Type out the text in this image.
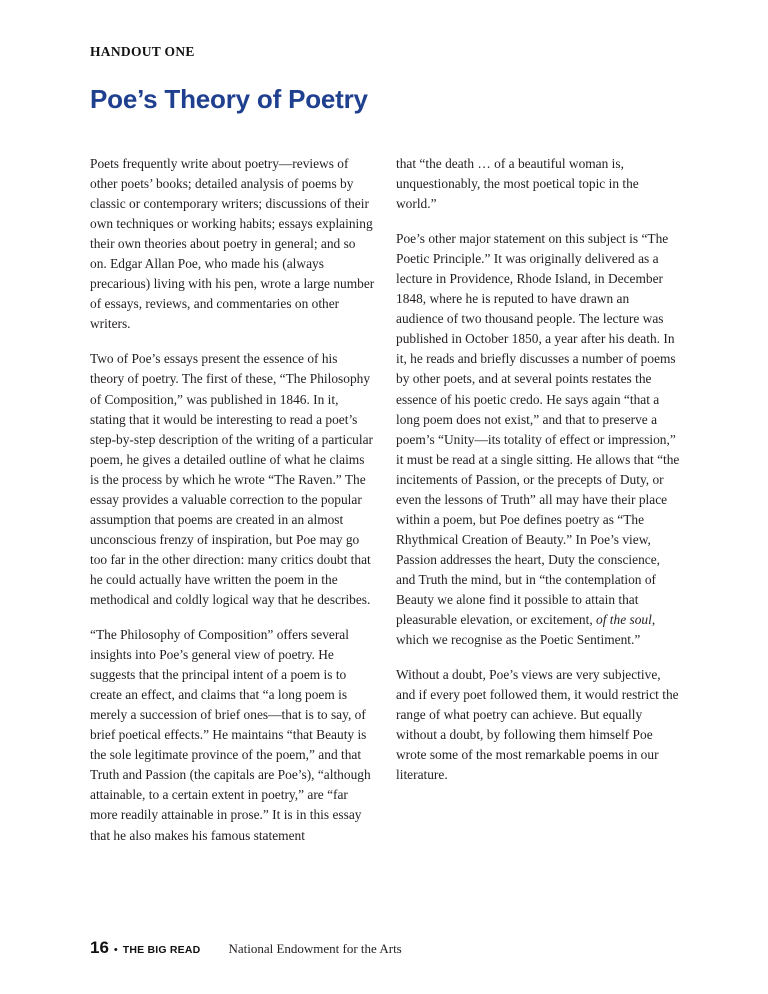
HANDOUT ONE
Poe’s Theory of Poetry

Poets frequently write about poetry—reviews of other poets’ books; detailed analysis of poems by classic or contemporary writers; discussions of their own techniques or working habits; essays explaining their own theories about poetry in general; and so on. Edgar Allan Poe, who made his (always precarious) living with his pen, wrote a large number of essays, reviews, and commentaries on other writers.

Two of Poe’s essays present the essence of his theory of poetry. The first of these, “The Philosophy of Composition,” was published in 1846. In it, stating that it would be interesting to read a poet’s step-by-step description of the writing of a particular poem, he gives a detailed outline of what he claims is the process by which he wrote “The Raven.” The essay provides a valuable correction to the popular assumption that poems are created in an almost unconscious frenzy of inspiration, but Poe may go too far in the other direction: many critics doubt that he could actually have written the poem in the methodical and coldly logical way that he describes.

“The Philosophy of Composition” offers several insights into Poe’s general view of poetry. He suggests that the principal intent of a poem is to create an effect, and claims that “a long poem is merely a succession of brief ones—that is to say, of brief poetical effects.” He maintains “that Beauty is the sole legitimate province of the poem,” and that Truth and Passion (the capitals are Poe’s), “although attainable, to a certain extent in poetry,” are “far more readily attainable in prose.” It is in this essay that he also makes his famous statement

that “the death … of a beautiful woman is, unquestionably, the most poetical topic in the world.”

Poe’s other major statement on this subject is “The Poetic Principle.” It was originally delivered as a lecture in Providence, Rhode Island, in December 1848, where he is reputed to have drawn an audience of two thousand people. The lecture was published in October 1850, a year after his death. In it, he reads and briefly discusses a number of poems by other poets, and at several points restates the essence of his poetic credo. He says again “that a long poem does not exist,” and that to preserve a poem’s “Unity—its totality of effect or impression,” it must be read at a single sitting. He allows that “the incitements of Passion, or the precepts of Duty, or even the lessons of Truth” all may have their place within a poem, but Poe defines poetry as “The Rhythmical Creation of Beauty.” In Poe’s view, Passion addresses the heart, Duty the conscience, and Truth the mind, but in “the contemplation of Beauty we alone find it possible to attain that pleasurable elevation, or excitement, of the soul, which we recognise as the Poetic Sentiment.”

Without a doubt, Poe’s views are very subjective, and if every poet followed them, it would restrict the range of what poetry can achieve. But equally without a doubt, by following them himself Poe wrote some of the most remarkable poems in our literature.

16 • THE BIG READ National Endowment for the Arts
